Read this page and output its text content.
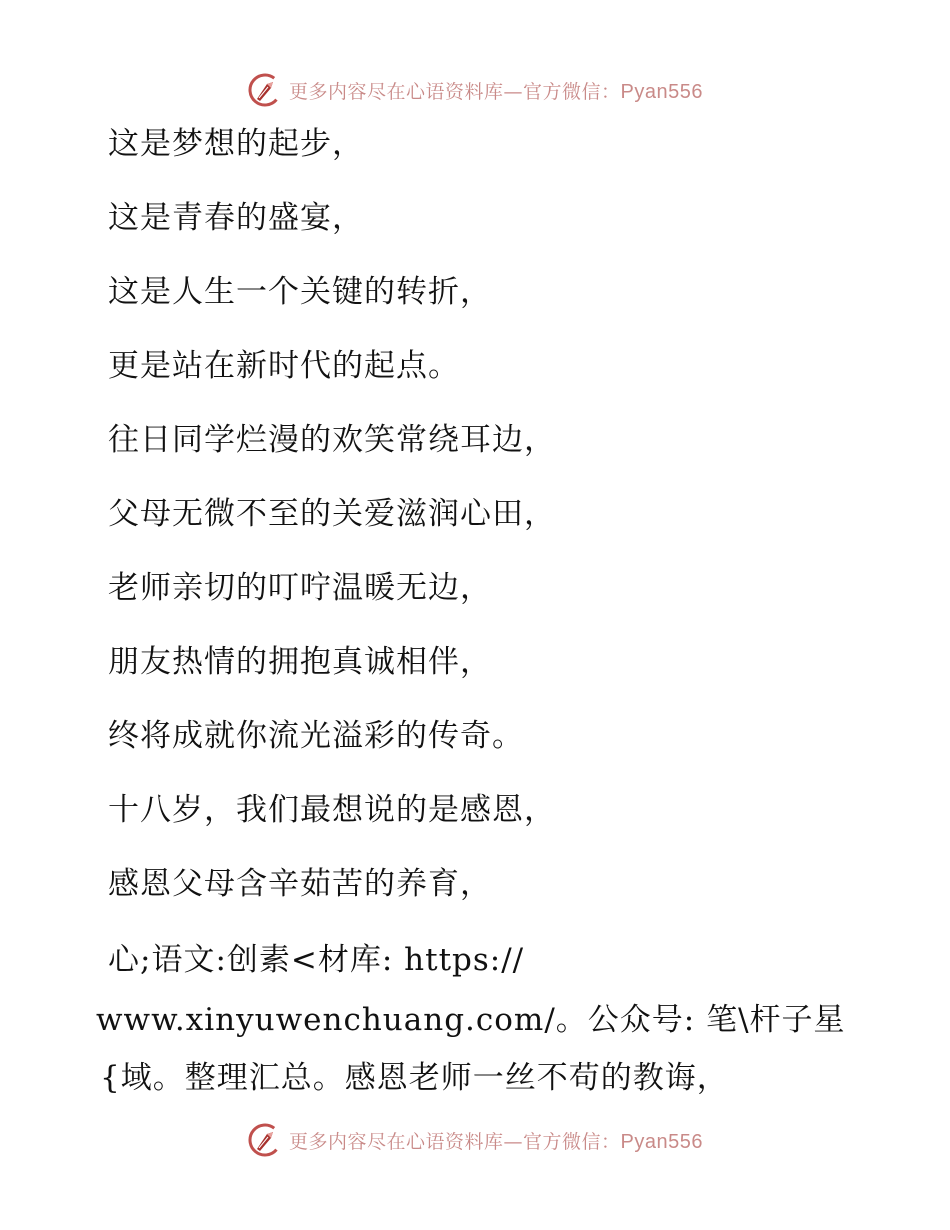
更多内容尽在心语资料库—官方微信：Pyan556
这是梦想的起步，
这是青春的盛宴，
这是人生一个关键的转折，
更是站在新时代的起点。
往日同学烂漫的欢笑常绕耳边，
父母无微不至的关爱滋润心田，
老师亲切的叮咛温暖无边，
朋友热情的拥抱真诚相伴，
终将成就你流光溢彩的传奇。
十八岁，我们最想说的是感恩，
感恩父母含辛茹苦的养育，
心;语文:创素<材库: https://
www.xinyuwenchuang.com/。公众号: 笔\杆子星
{域。整理汇总。感恩老师一丝不苟的教诲，
更多内容尽在心语资料库—官方微信：Pyan556
